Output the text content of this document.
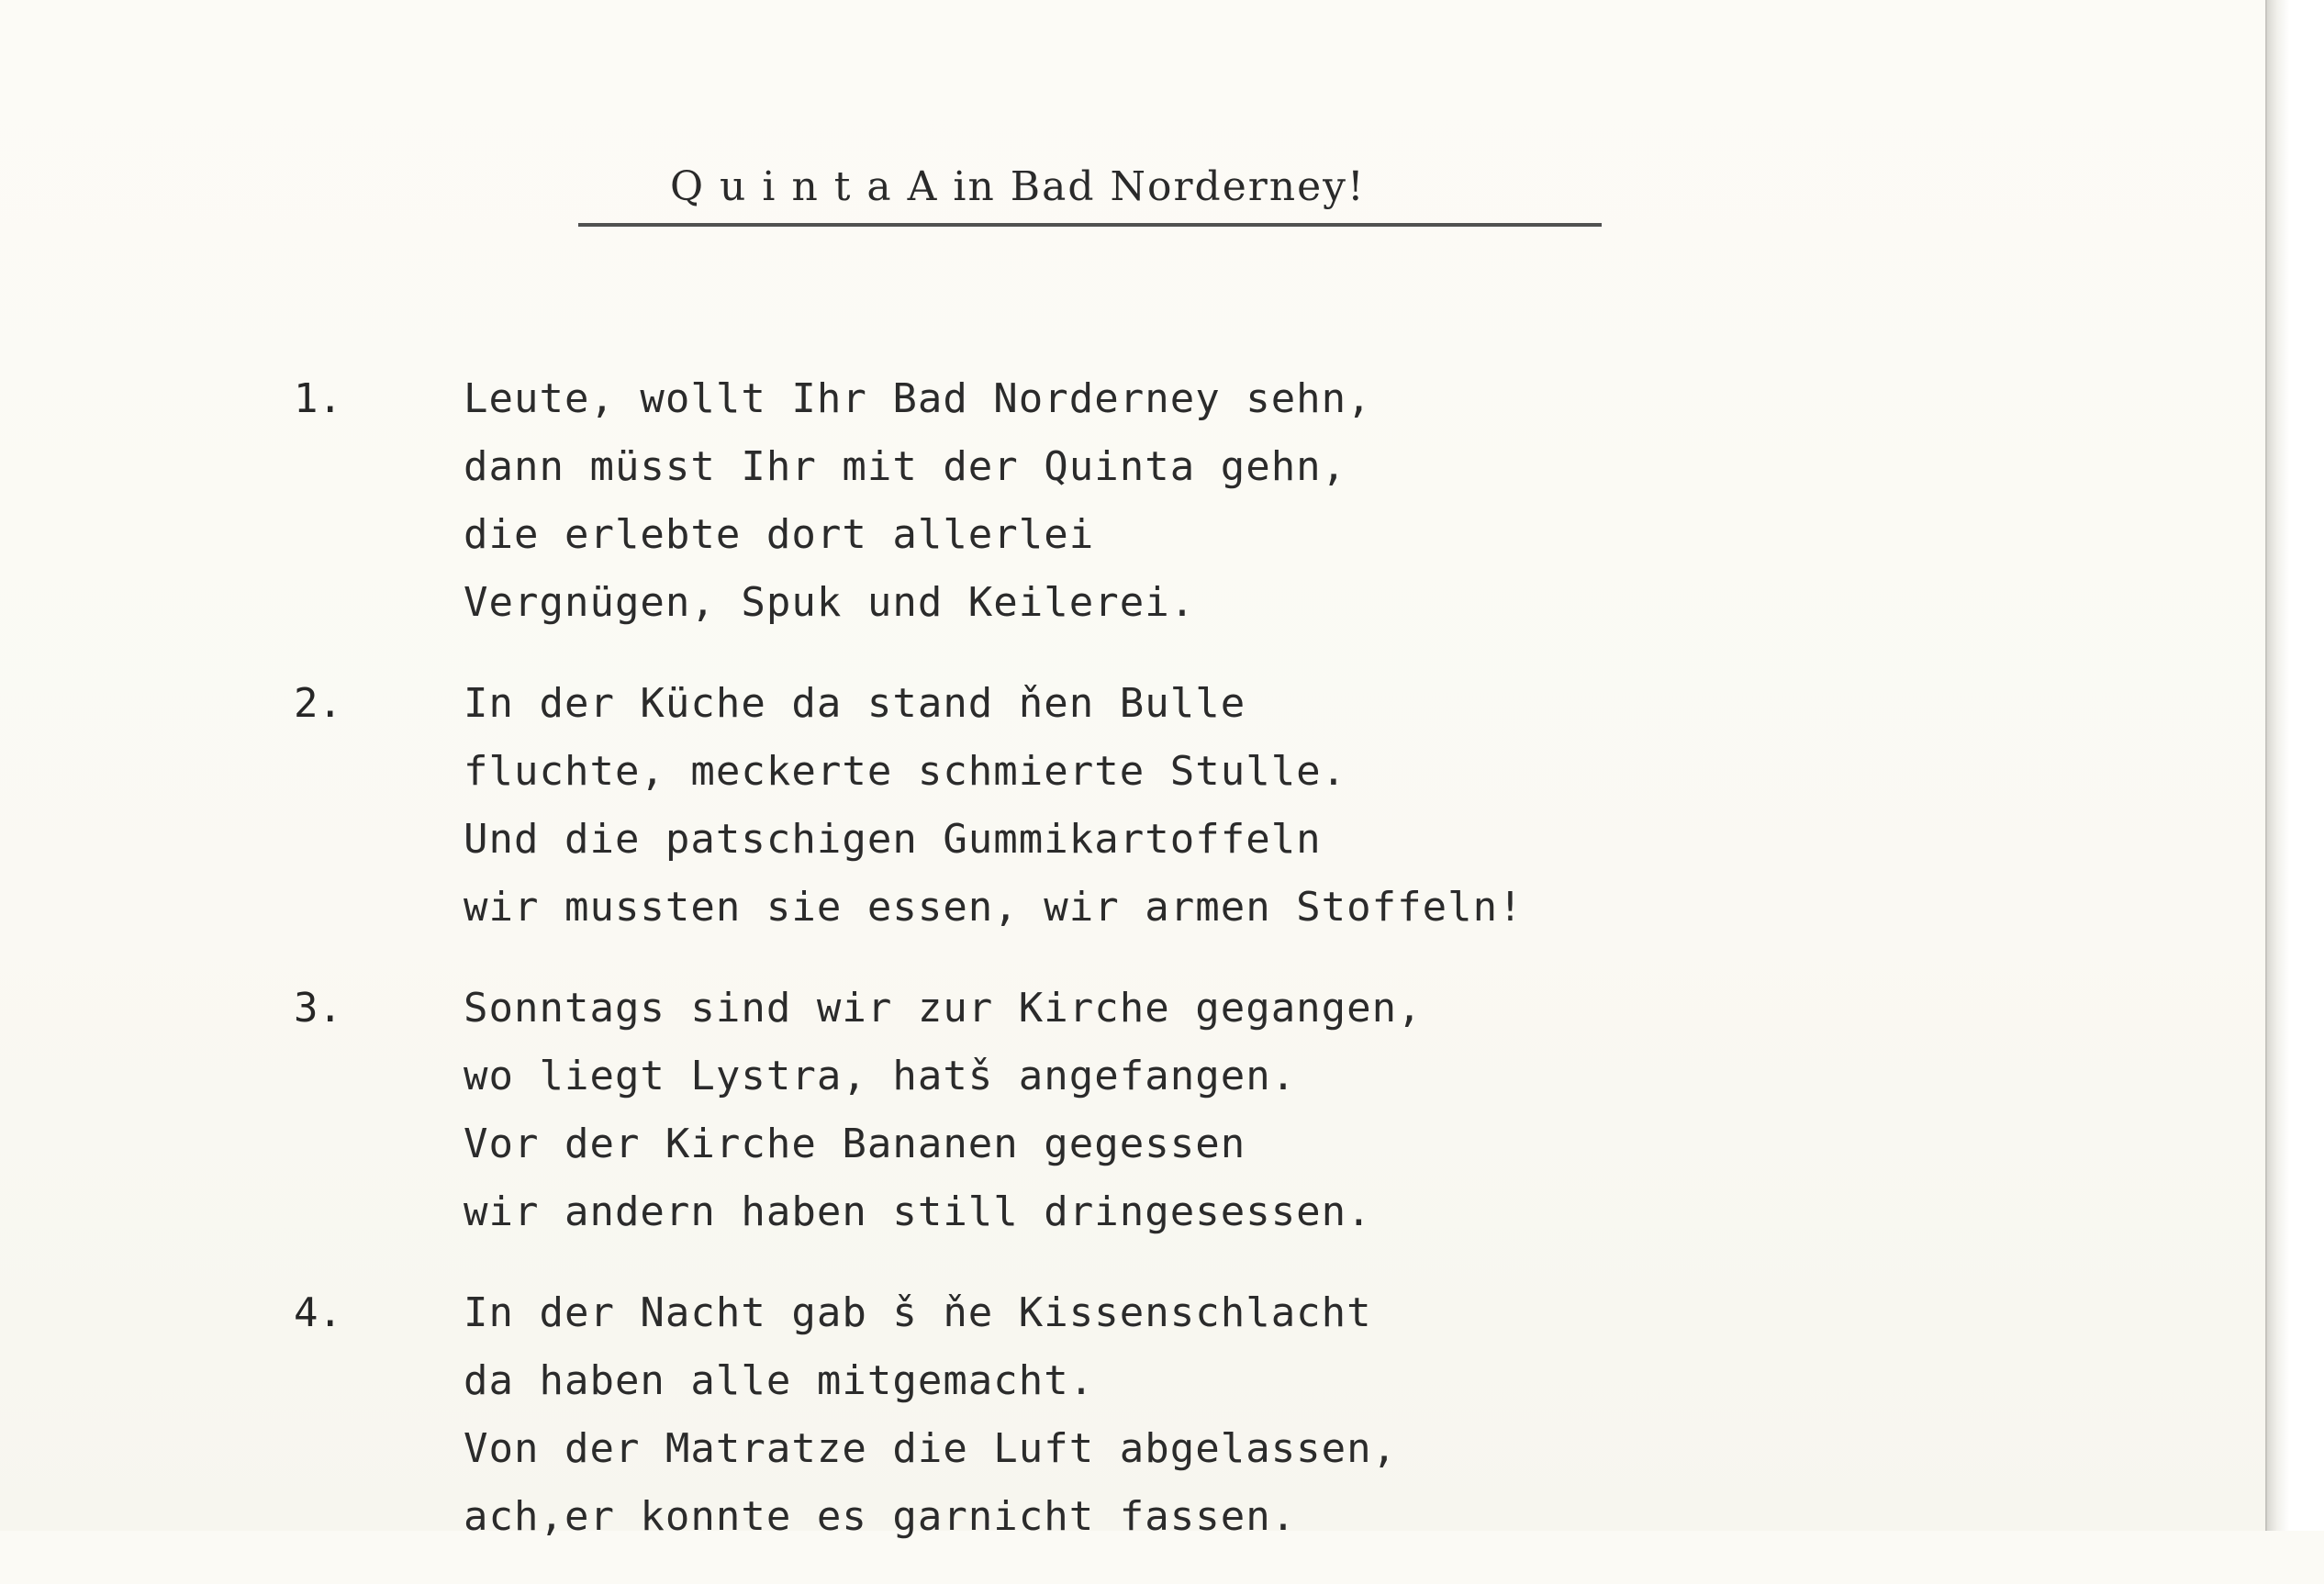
Q u i n t a A in Bad Norderney!
1.	Leute, wollt Ihr Bad Norderney sehn,
dann müsst Ihr mit der Quinta gehn,
die erlebte dort allerlei
Vergnügen, Spuk und Keilerei.
2.	In der Küche da stand ňen Bulle
fluchte, meckerte schmierte Stulle.
Und die patschigen Gummikartoffeln
wir mussten sie essen, wir armen Stoffeln!
3.	Sonntags sind wir zur Kirche gegangen,
wo liegt Lystra, hatš angefangen.
Vor der Kirche Bananen gegessen
wir andern haben still dringesessen.
4.	In der Nacht gab š ňe Kissenschlacht
da haben alle mitgemacht.
Von der Matratze die Luft abgelassen,
ach,er konnte es garnicht fassen.
